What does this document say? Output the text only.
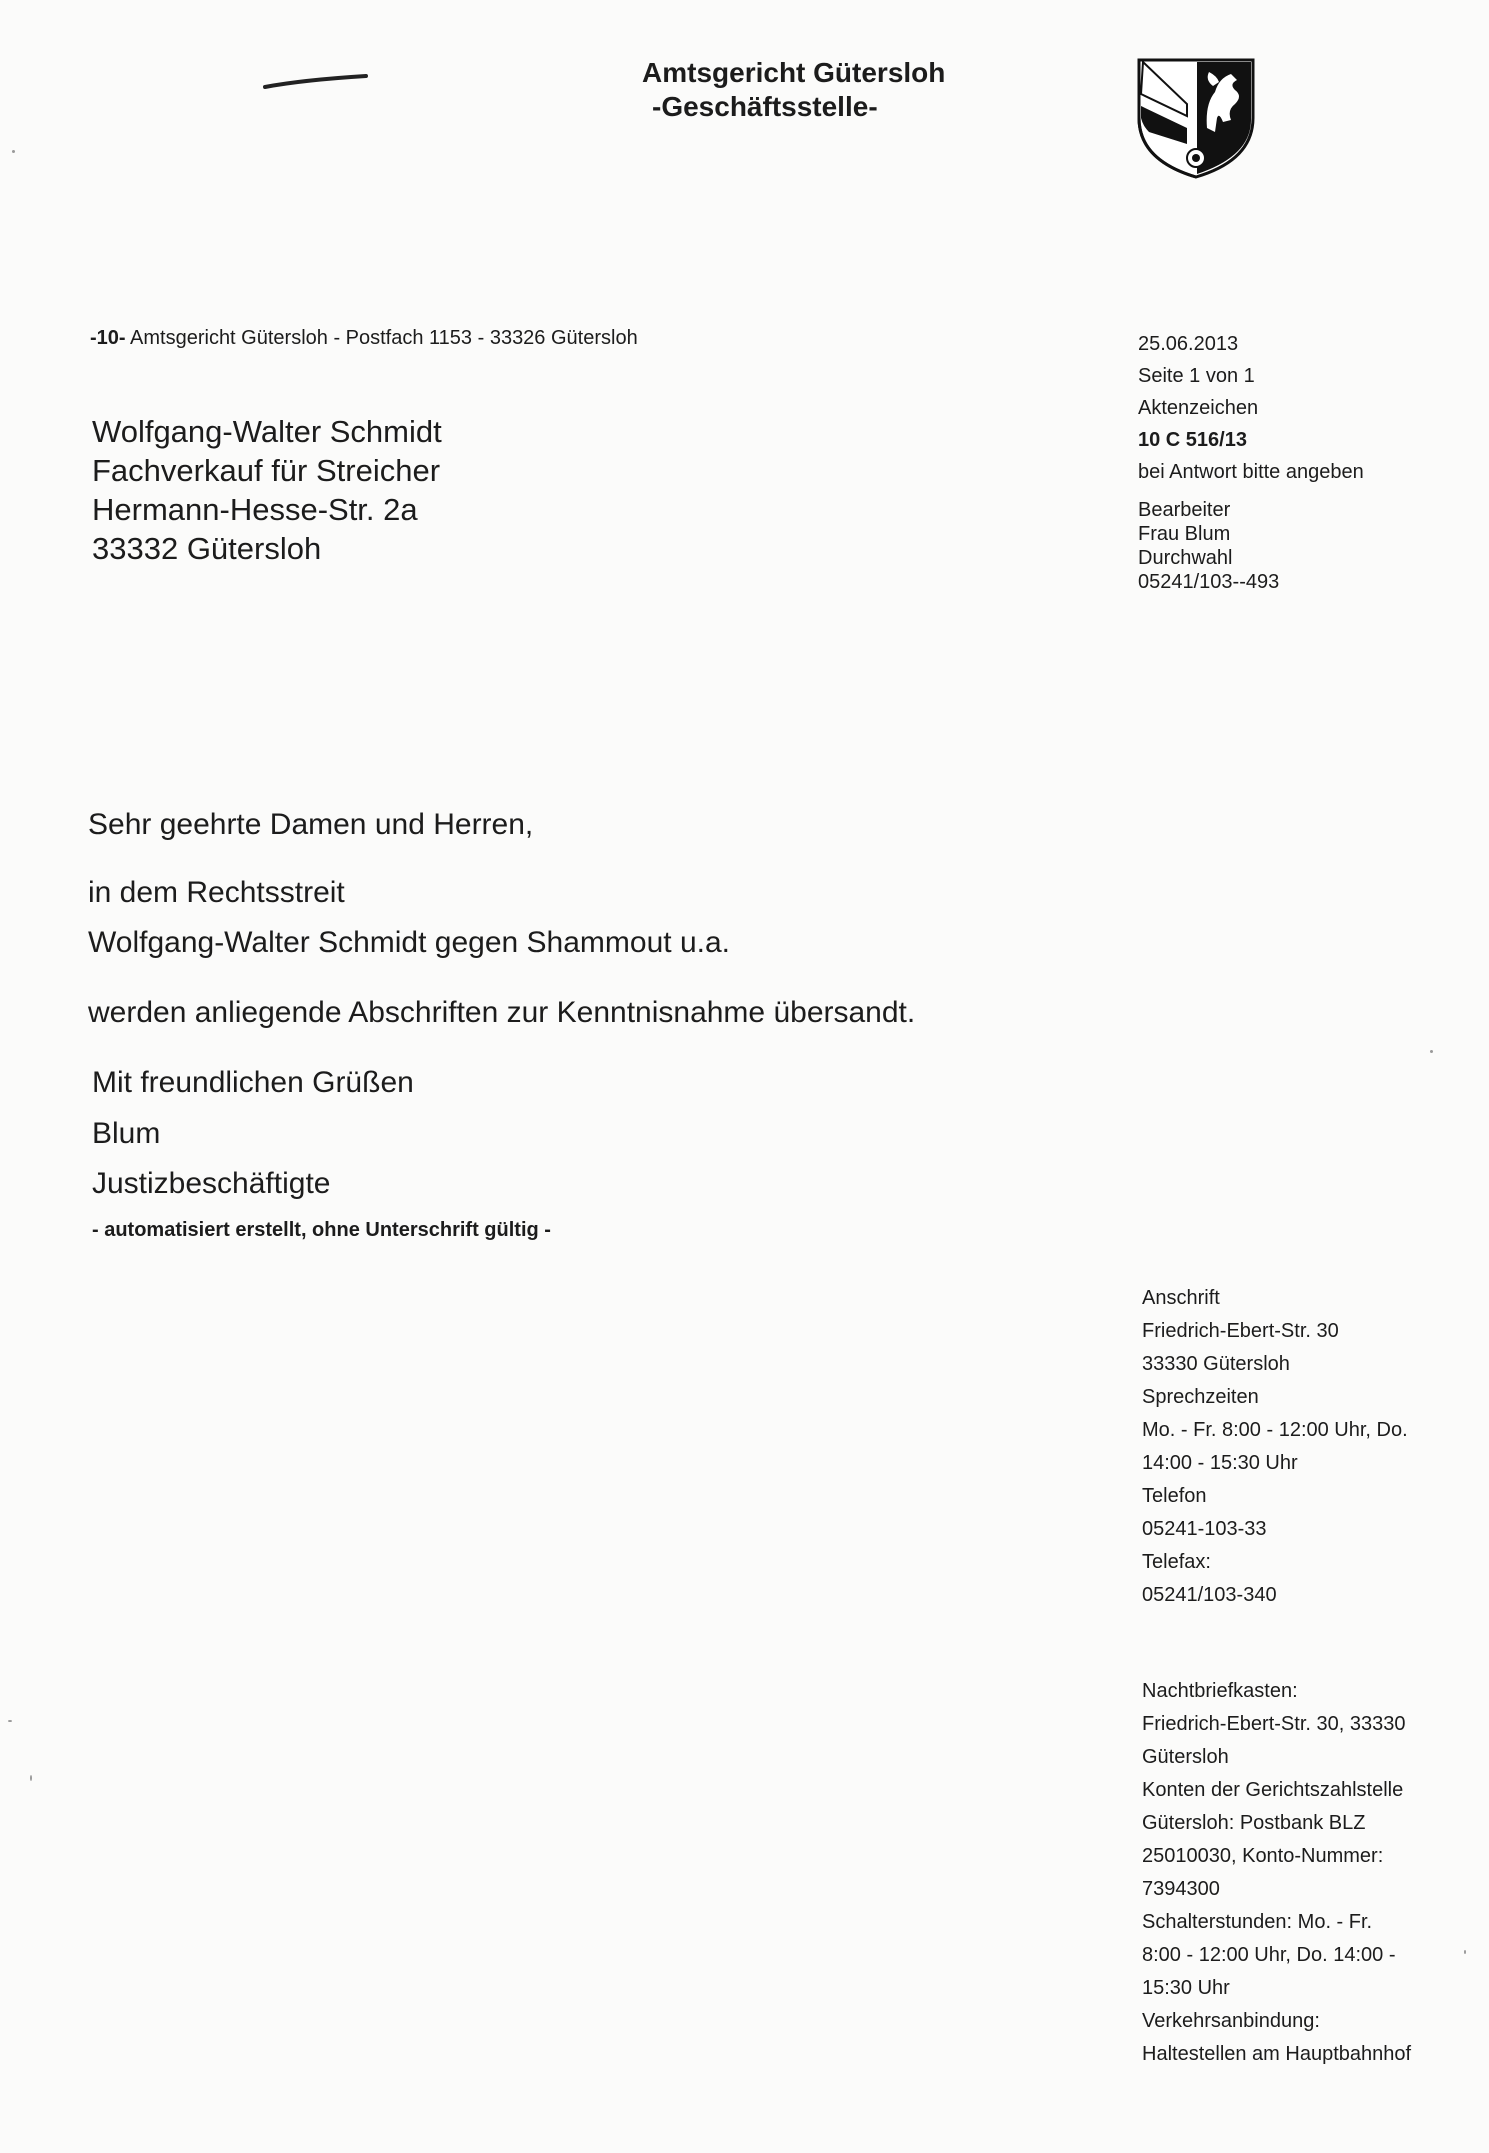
Amtsgericht Gütersloh
-Geschäftsstelle-
-10- Amtsgericht Gütersloh - Postfach 1153 - 33326 Gütersloh
Wolfgang-Walter Schmidt
Fachverkauf für Streicher
Hermann-Hesse-Str. 2a
33332 Gütersloh
25.06.2013
Seite 1 von 1
Aktenzeichen
10 C 516/13
bei Antwort bitte angeben
Bearbeiter
Frau Blum
Durchwahl
05241/103--493
Sehr geehrte Damen und Herren,
in dem Rechtsstreit
Wolfgang-Walter Schmidt gegen Shammout u.a.
werden anliegende Abschriften zur Kenntnisnahme übersandt.
Mit freundlichen Grüßen
Blum
Justizbeschäftigte
- automatisiert erstellt, ohne Unterschrift gültig -
Anschrift
Friedrich-Ebert-Str. 30
33330 Gütersloh
Sprechzeiten
Mo. - Fr. 8:00 - 12:00 Uhr, Do.
14:00 - 15:30 Uhr
Telefon
05241-103-33
Telefax:
05241/103-340
Nachtbriefkasten:
Friedrich-Ebert-Str. 30, 33330
Gütersloh
Konten der Gerichtszahlstelle
Gütersloh: Postbank BLZ
25010030, Konto-Nummer:
7394300
Schalterstunden: Mo. - Fr.
8:00 - 12:00 Uhr, Do. 14:00 -
15:30 Uhr
Verkehrsanbindung:
Haltestellen am Hauptbahnhof
